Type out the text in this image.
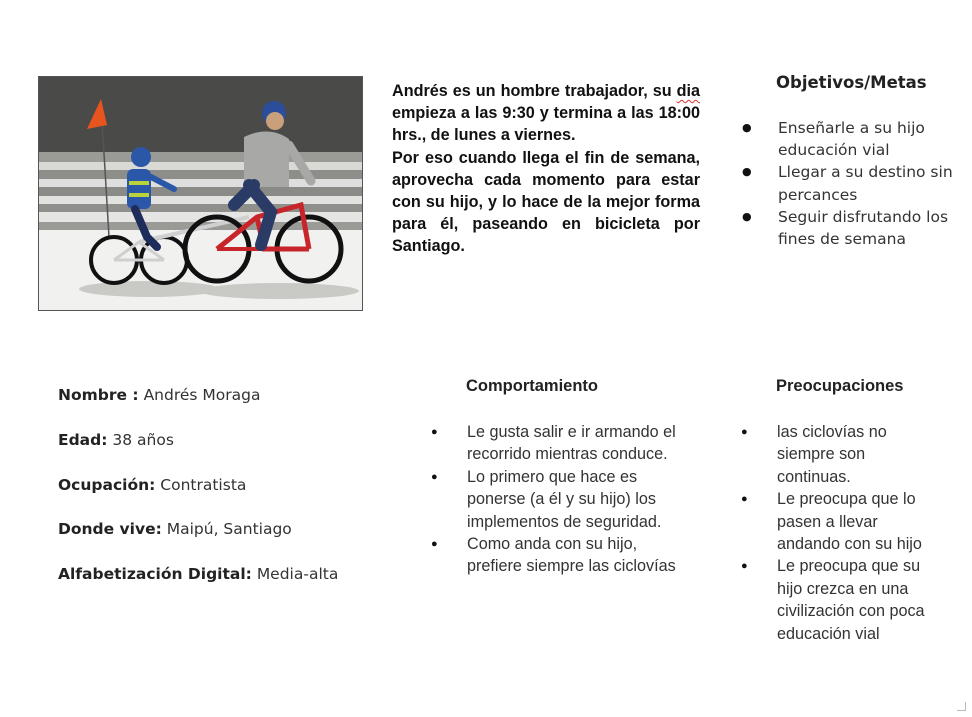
Andrés es un hombre trabajador, su dia empieza a las 9:30 y termina a las 18:00 hrs., de lunes a viernes.

Por eso cuando llega el fin de semana, aprovecha cada momento para estar con su hijo, y lo hace de la mejor forma para él, paseando en bicicleta por Santiago.

Objetivos/Metas
● Enseñarle a su hijo educación vial
● Llegar a su destino sin percances
● Seguir disfrutando los fines de semana
Nombre : Andrés Moraga
Edad: 38 años
Ocupación: Contratista
Donde vive: Maipú, Santiago
Alfabetización Digital: Media-alta
Comportamiento
● Le gusta salir e ir armando el recorrido mientras conduce.
● Lo primero que hace es ponerse (a él y su hijo) los implementos de seguridad.
● Como anda con su hijo, prefiere siempre las ciclovías
Preocupaciones
● las ciclovías no siempre son continuas.
● Le preocupa que lo pasen a llevar andando con su hijo
● Le preocupa que su hijo crezca en una civilización con poca educación vial
